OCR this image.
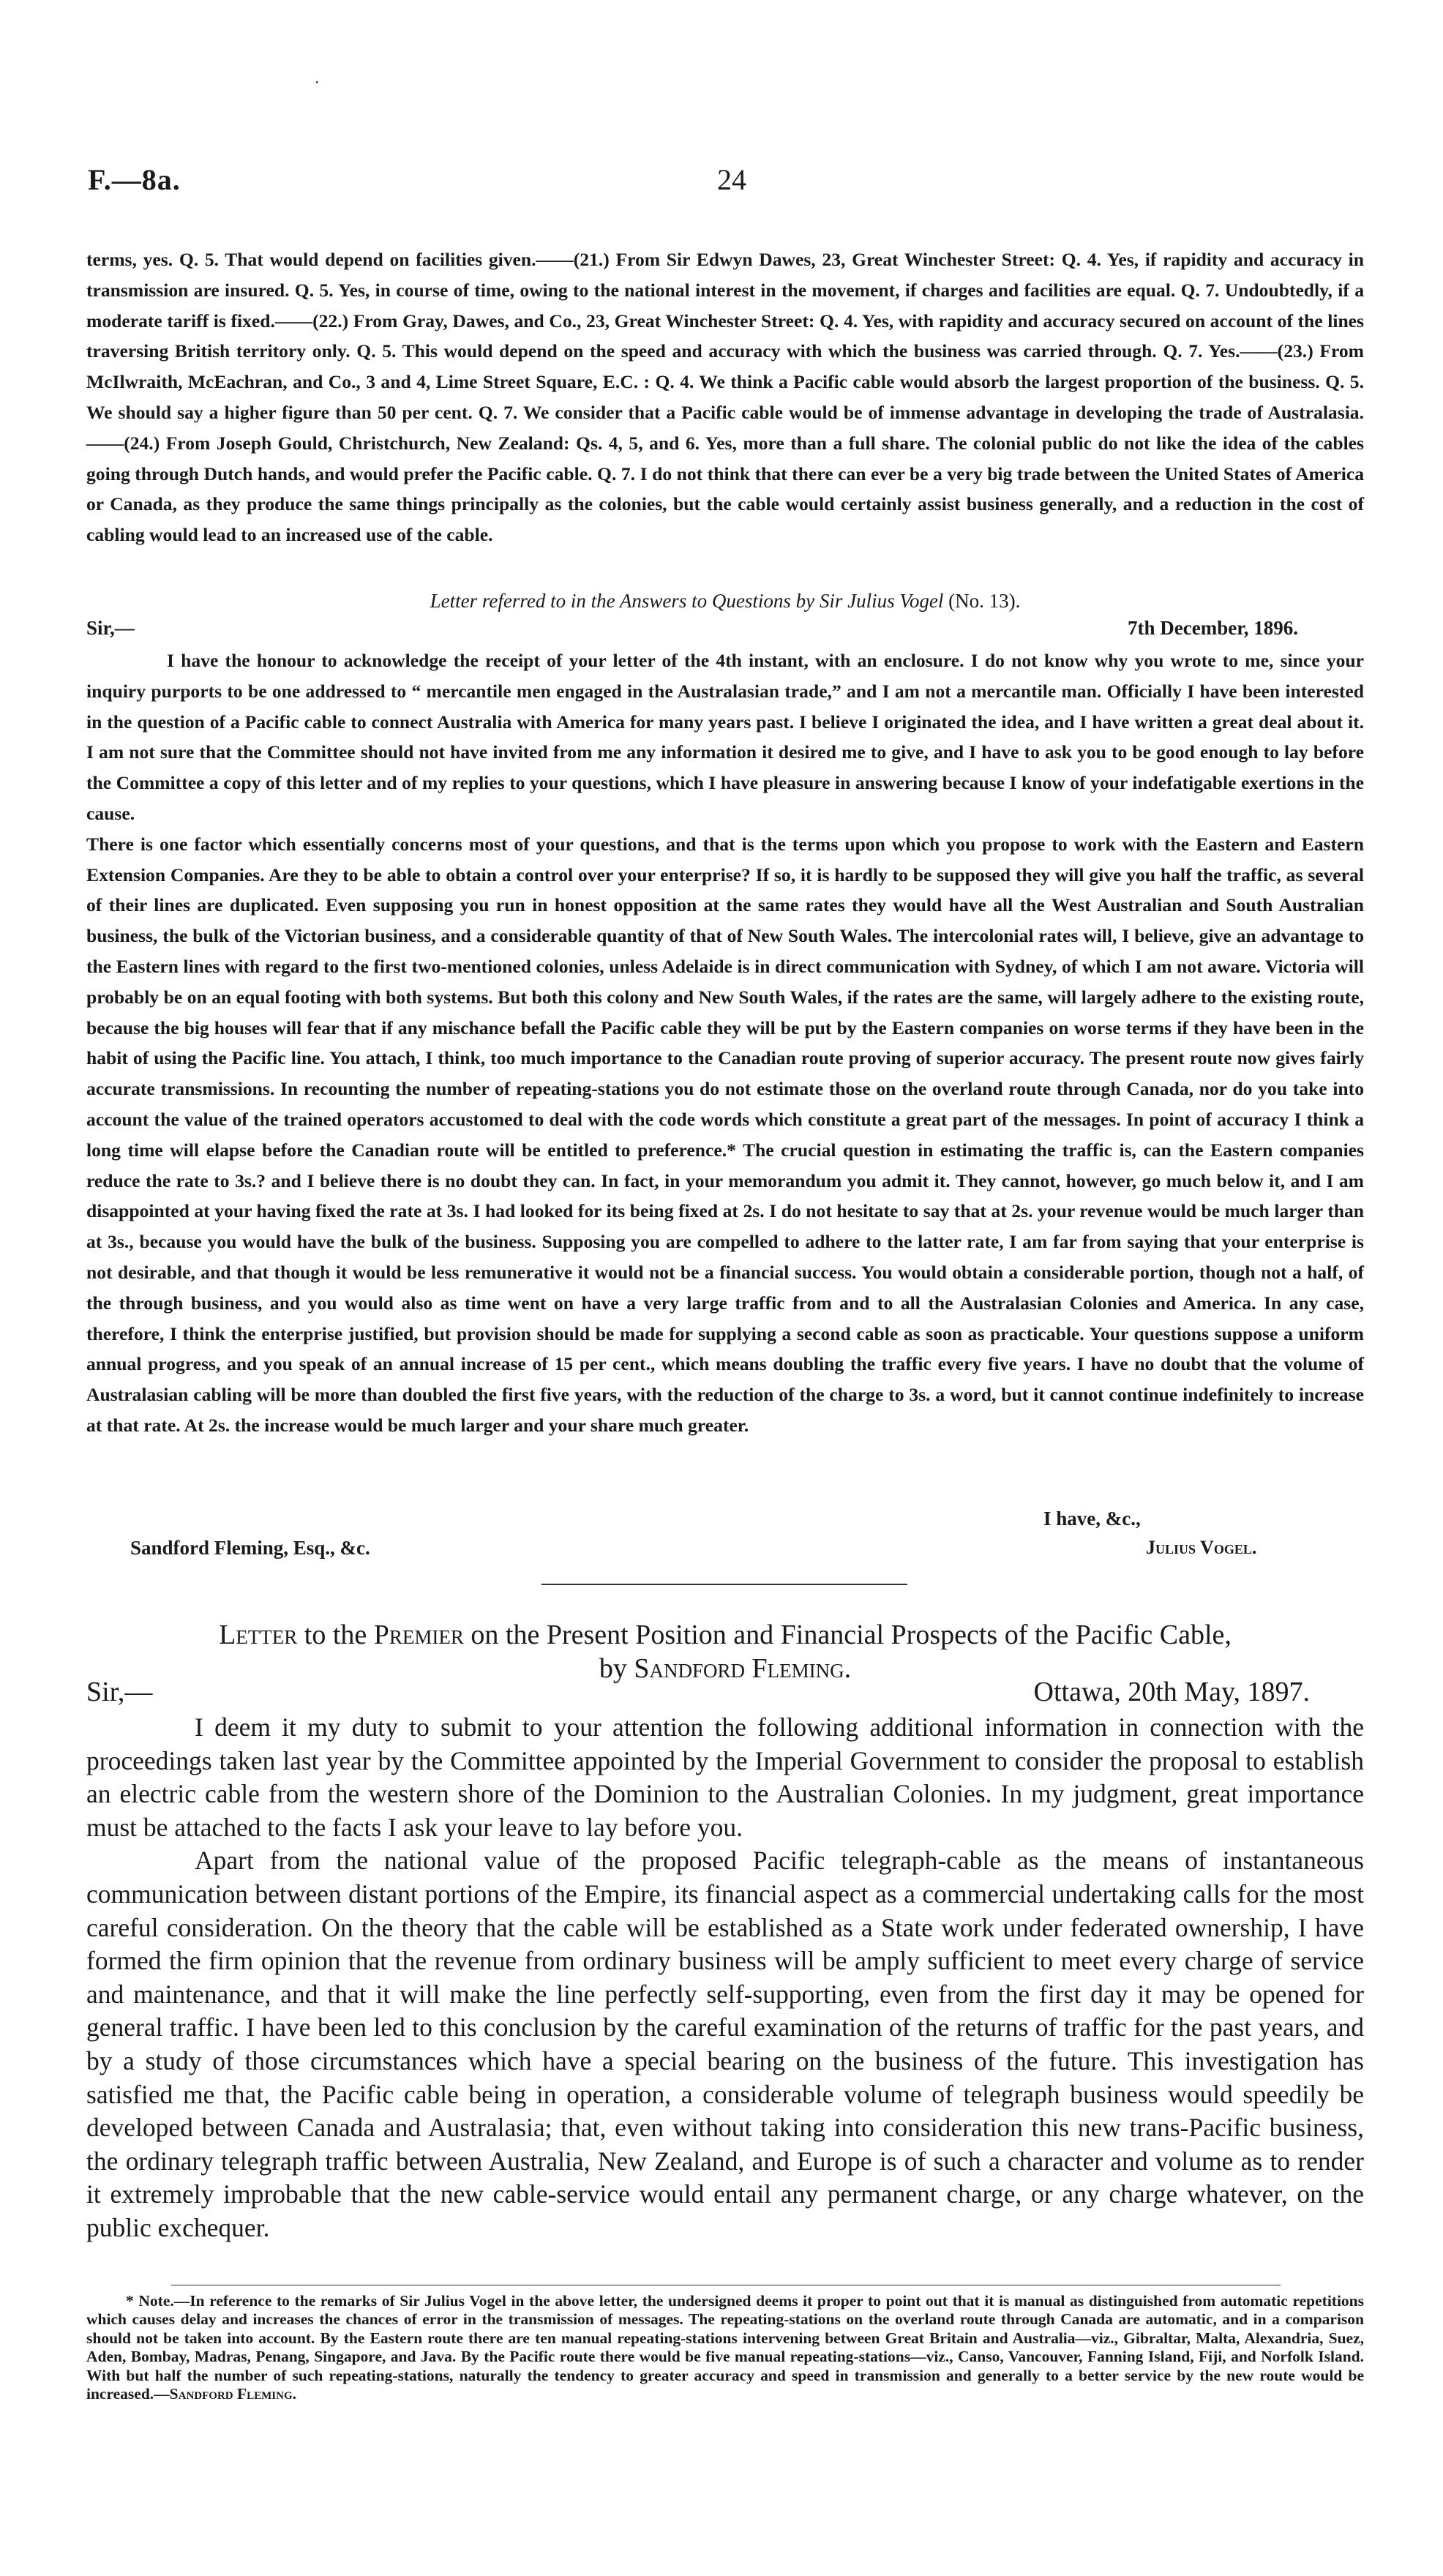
·
F.—8a.	24

terms, yes. Q. 5. That would depend on facilities given.——(21.) From Sir Edwyn Dawes, 23, Great Winchester Street: Q. 4. Yes, if rapidity and accuracy in transmission are insured. Q. 5. Yes, in course of time, owing to the national interest in the movement, if charges and facilities are equal. Q. 7. Undoubtedly, if a moderate tariff is fixed.——(22.) From Gray, Dawes, and Co., 23, Great Winchester Street: Q. 4. Yes, with rapidity and accuracy secured on account of the lines traversing British territory only. Q. 5. This would depend on the speed and accuracy with which the business was carried through. Q. 7. Yes.——(23.) From McIlwraith, McEachran, and Co., 3 and 4, Lime Street Square, E.C. : Q. 4. We think a Pacific cable would absorb the largest proportion of the business. Q. 5. We should say a higher figure than 50 per cent. Q. 7. We consider that a Pacific cable would be of immense advantage in developing the trade of Australasia. ——(24.) From Joseph Gould, Christchurch, New Zealand: Qs. 4, 5, and 6. Yes, more than a full share. The colonial public do not like the idea of the cables going through Dutch hands, and would prefer the Pacific cable. Q. 7. I do not think that there can ever be a very big trade between the United States of America or Canada, as they produce the same things principally as the colonies, but the cable would certainly assist business generally, and a reduction in the cost of cabling would lead to an increased use of the cable.

Letter referred to in the Answers to Questions by Sir Julius Vogel (No. 13).
Sir,—	7th December, 1896.

I have the honour to acknowledge the receipt of your letter of the 4th instant, with an enclosure. I do not know why you wrote to me, since your inquiry purports to be one addressed to “ mercantile men engaged in the Australasian trade,” and I am not a mercantile man. Officially I have been interested in the question of a Pacific cable to connect Australia with America for many years past. I believe I originated the idea, and I have written a great deal about it. I am not sure that the Committee should not have invited from me any information it desired me to give, and I have to ask you to be good enough to lay before the Committee a copy of this letter and of my replies to your questions, which I have pleasure in answering because I know of your indefatigable exertions in the cause.

There is one factor which essentially concerns most of your questions, and that is the terms upon which you propose to work with the Eastern and Eastern Extension Companies. Are they to be able to obtain a control over your enterprise? If so, it is hardly to be supposed they will give you half the traffic, as several of their lines are duplicated. Even supposing you run in honest opposition at the same rates they would have all the West Australian and South Australian business, the bulk of the Victorian business, and a considerable quantity of that of New South Wales. The intercolonial rates will, I believe, give an advantage to the Eastern lines with regard to the first two-mentioned colonies, unless Adelaide is in direct communication with Sydney, of which I am not aware. Victoria will probably be on an equal footing with both systems. But both this colony and New South Wales, if the rates are the same, will largely adhere to the existing route, because the big houses will fear that if any mischance befall the Pacific cable they will be put by the Eastern companies on worse terms if they have been in the habit of using the Pacific line. You attach, I think, too much importance to the Canadian route proving of superior accuracy. The present route now gives fairly accurate transmissions. In recounting the number of repeating-stations you do not estimate those on the overland route through Canada, nor do you take into account the value of the trained operators accustomed to deal with the code words which constitute a great part of the messages. In point of accuracy I think a long time will elapse before the Canadian route will be entitled to preference.* The crucial question in estimating the traffic is, can the Eastern companies reduce the rate to 3s.? and I believe there is no doubt they can. In fact, in your memorandum you admit it. They cannot, however, go much below it, and I am disappointed at your having fixed the rate at 3s. I had looked for its being fixed at 2s. I do not hesitate to say that at 2s. your revenue would be much larger than at 3s., because you would have the bulk of the business. Supposing you are compelled to adhere to the latter rate, I am far from saying that your enterprise is not desirable, and that though it would be less remunerative it would not be a financial success. You would obtain a considerable portion, though not a half, of the through business, and you would also as time went on have a very large traffic from and to all the Australasian Colonies and America. In any case, therefore, I think the enterprise justified, but provision should be made for supplying a second cable as soon as practicable. Your questions suppose a uniform annual progress, and you speak of an annual increase of 15 per cent., which means doubling the traffic every five years. I have no doubt that the volume of Australasian cabling will be more than doubled the first five years, with the reduction of the charge to 3s. a word, but it cannot continue indefinitely to increase at that rate. At 2s. the increase would be much larger and your share much greater.

I have, &c.,
Sandford Fleming, Esq., &c.	Julius Vogel.
Letter to the Premier on the Present Position and Financial Prospects of the Pacific Cable,
by Sandford Fleming.
Sir,—	Ottawa, 20th May, 1897.

I deem it my duty to submit to your attention the following additional information in connection with the proceedings taken last year by the Committee appointed by the Imperial Government to consider the proposal to establish an electric cable from the western shore of the Dominion to the Australian Colonies. In my judgment, great importance must be attached to the facts I ask your leave to lay before you.

Apart from the national value of the proposed Pacific telegraph-cable as the means of instantaneous communication between distant portions of the Empire, its financial aspect as a commercial undertaking calls for the most careful consideration. On the theory that the cable will be established as a State work under federated ownership, I have formed the firm opinion that the revenue from ordinary business will be amply sufficient to meet every charge of service and maintenance, and that it will make the line perfectly self-supporting, even from the first day it may be opened for general traffic. I have been led to this conclusion by the careful examination of the returns of traffic for the past years, and by a study of those circumstances which have a special bearing on the business of the future. This investigation has satisfied me that, the Pacific cable being in operation, a considerable volume of telegraph business would speedily be developed between Canada and Australasia; that, even without taking into consideration this new trans-Pacific business, the ordinary telegraph traffic between Australia, New Zealand, and Europe is of such a character and volume as to render it extremely improbable that the new cable-service would entail any permanent charge, or any charge whatever, on the public exchequer.

* Note.—In reference to the remarks of Sir Julius Vogel in the above letter, the undersigned deems it proper to point out that it is manual as distinguished from automatic repetitions which causes delay and increases the chances of error in the transmission of messages. The repeating-stations on the overland route through Canada are automatic, and in a comparison should not be taken into account. By the Eastern route there are ten manual repeating-stations intervening between Great Britain and Australia—viz., Gibraltar, Malta, Alexandria, Suez, Aden, Bombay, Madras, Penang, Singapore, and Java. By the Pacific route there would be five manual repeating-stations—viz., Canso, Vancouver, Fanning Island, Fiji, and Norfolk Island. With but half the number of such repeating-stations, naturally the tendency to greater accuracy and speed in transmission and generally to a better service by the new route would be increased.—Sandford Fleming.
